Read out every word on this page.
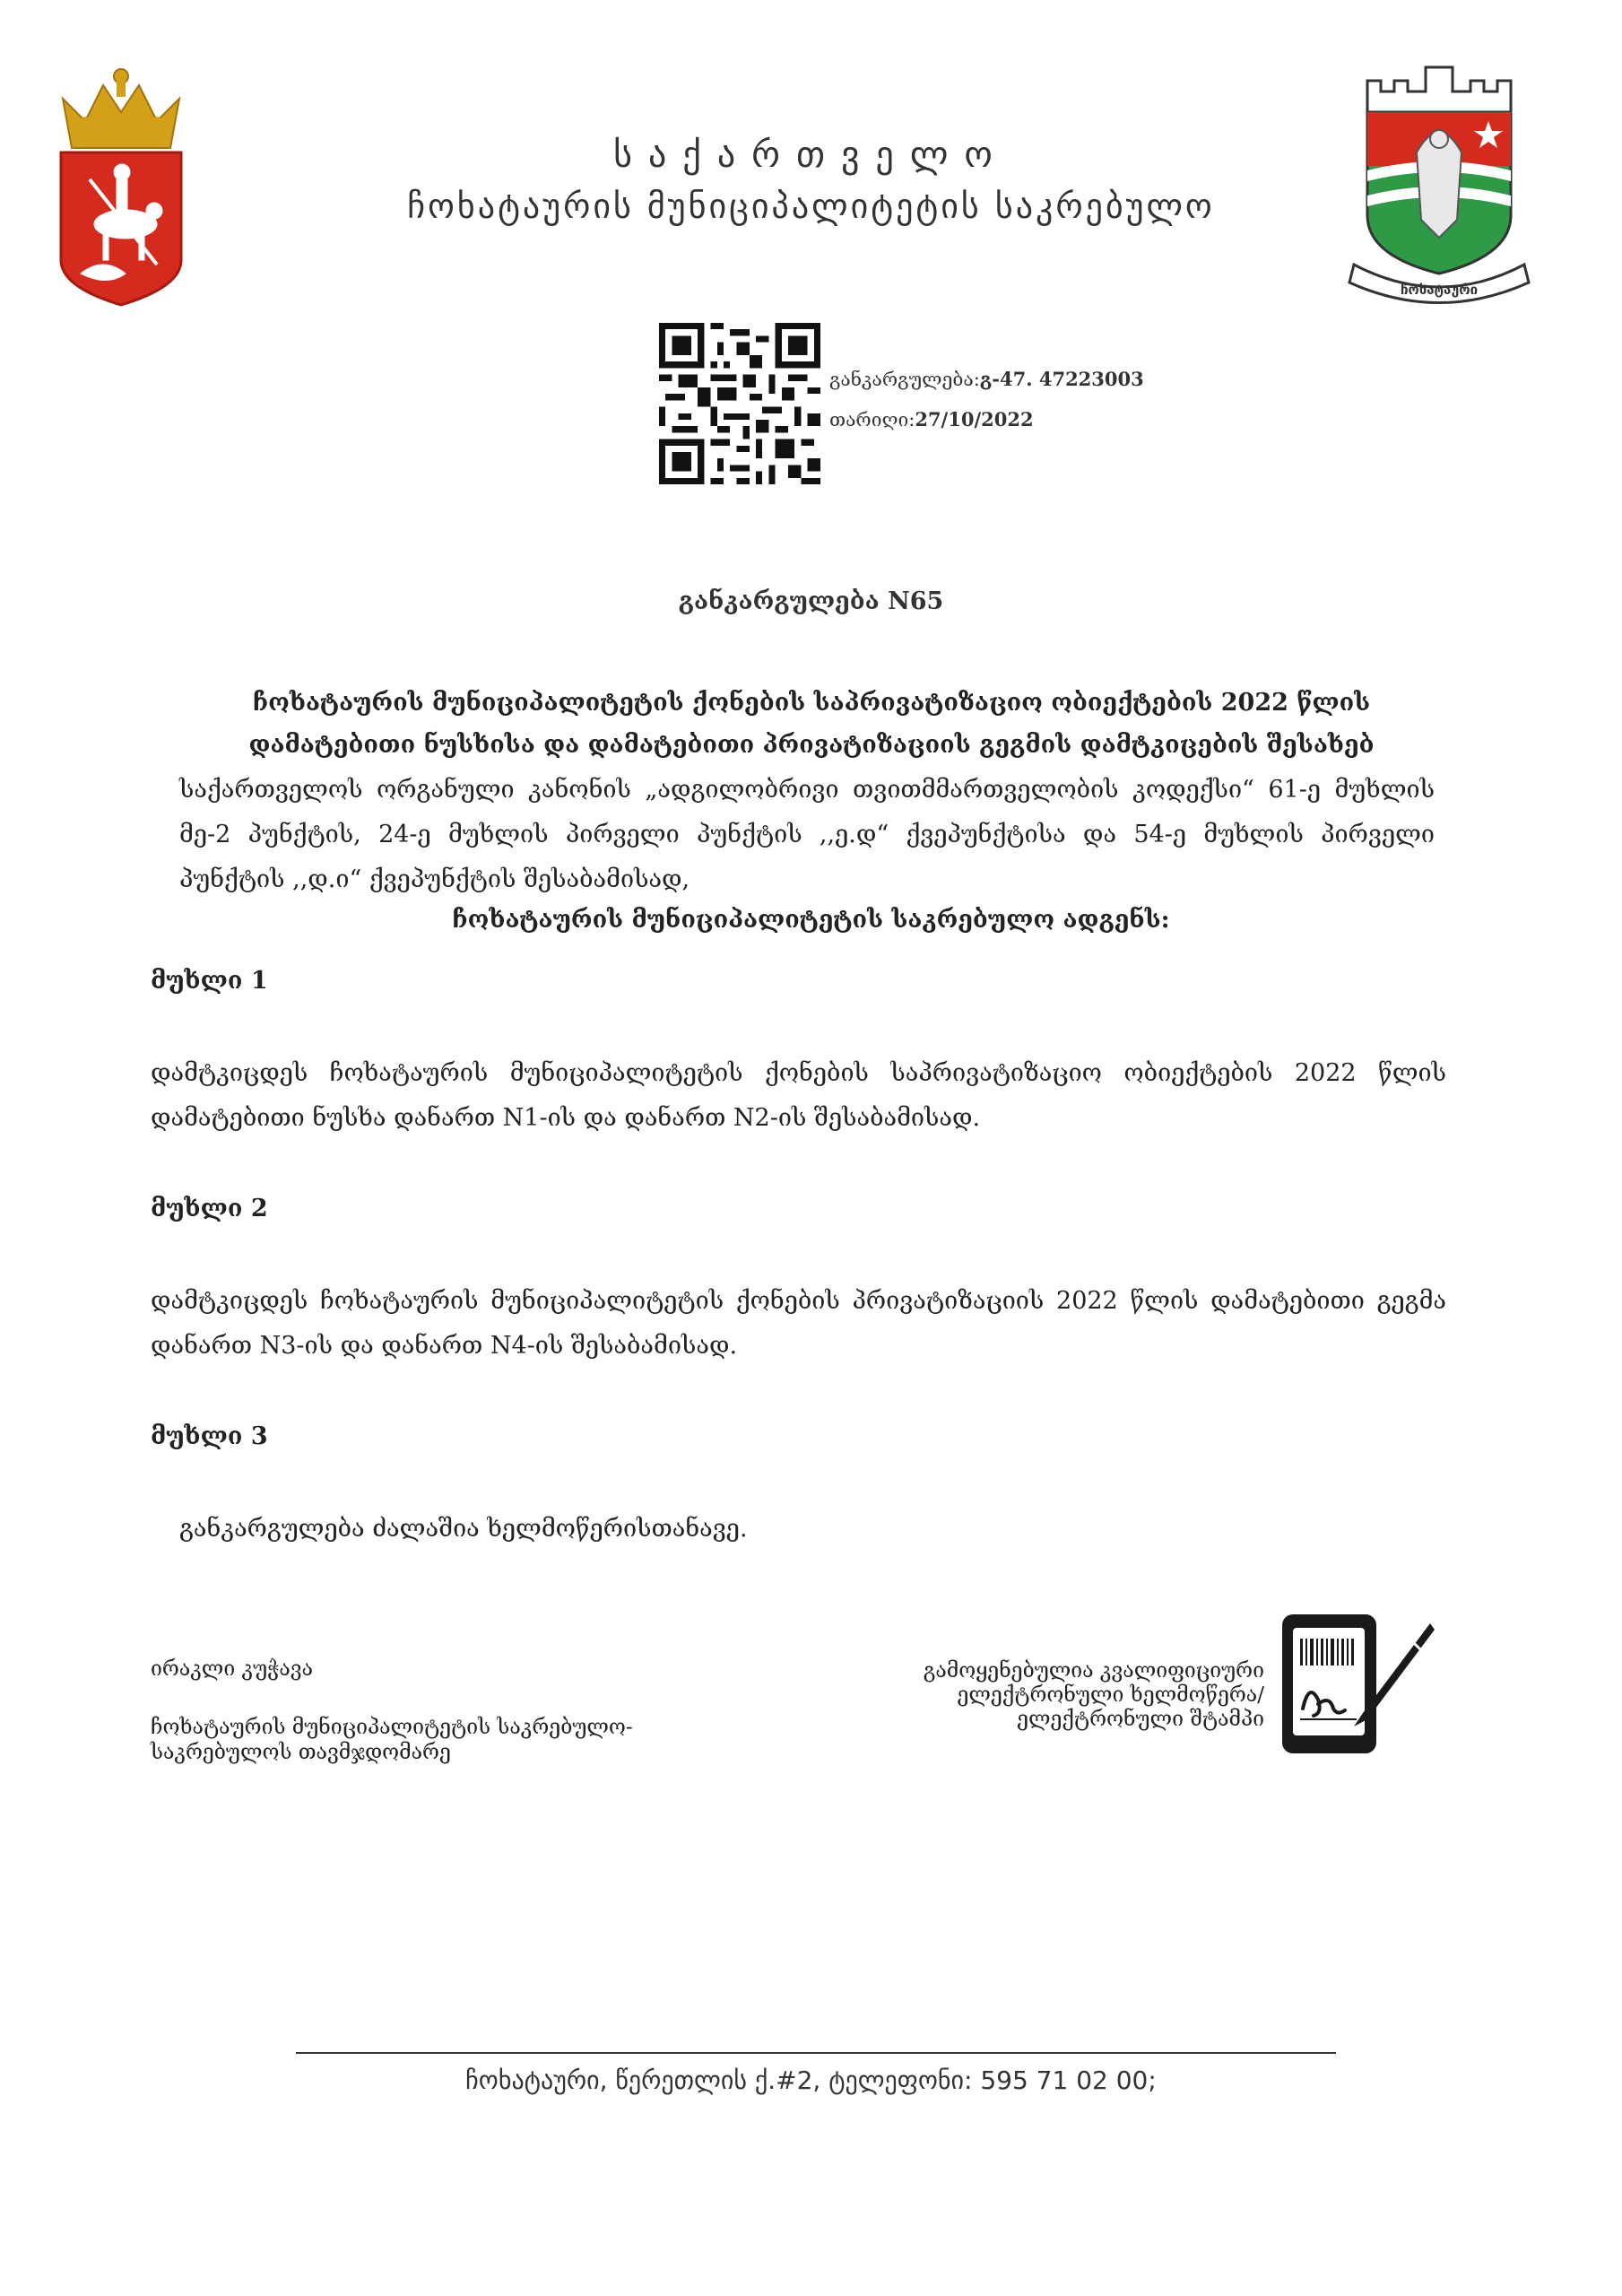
ჩოხატაური
საქართველო
ჩოხატაურის მუნიციპალიტეტის საკრებულო
განკარგულება:გ-47. 47223003
თარიღი:27/10/2022
განკარგულება N65
ჩოხატაურის მუნიციპალიტეტის ქონების საპრივატიზაციო ობიექტების 2022 წლის დამატებითი ნუსხისა და დამატებითი პრივატიზაციის გეგმის დამტკიცების შესახებ
საქართველოს ორგანული კანონის „ადგილობრივი თვითმმართველობის კოდექსი“ 61-ე მუხლის მე-2 პუნქტის, 24-ე მუხლის პირველი პუნქტის ,,ე.დ“ ქვეპუნქტისა და 54-ე მუხლის პირველი პუნქტის ,,დ.ი“ ქვეპუნქტის შესაბამისად,
ჩოხატაურის მუნიციპალიტეტის საკრებულო ადგენს:
მუხლი 1
დამტკიცდეს ჩოხატაურის მუნიციპალიტეტის ქონების საპრივატიზაციო ობიექტების 2022 წლის დამატებითი ნუსხა დანართ N1-ის და დანართ N2-ის შესაბამისად.
მუხლი 2
დამტკიცდეს ჩოხატაურის მუნიციპალიტეტის ქონების პრივატიზაციის 2022 წლის დამატებითი გეგმა დანართ N3-ის და დანართ N4-ის შესაბამისად.
მუხლი 3
განკარგულება ძალაშია ხელმოწერისთანავე.
ირაკლი კუჭავა
ჩოხატაურის მუნიციპალიტეტის საკრებულო-საკრებულოს თავმჯდომარე
გამოყენებულია კვალიფიციური ელექტრონული ხელმოწერა/ ელექტრონული შტამპი
ჩოხატაური, წერეთლის ქ.#2, ტელეფონი: 595 71 02 00;
